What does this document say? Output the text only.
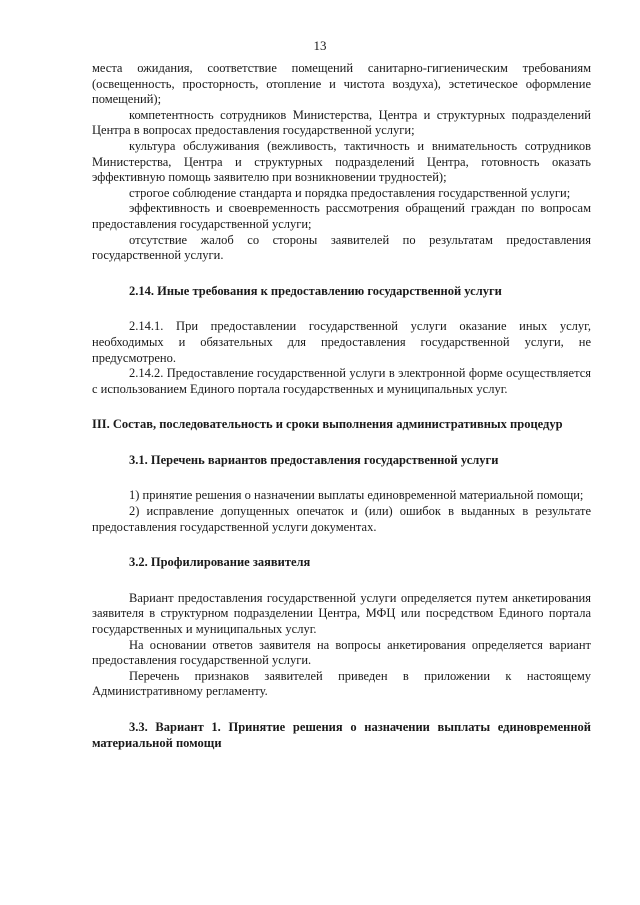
13

места ожидания, соответствие помещений санитарно-гигиеническим требованиям (освещенность, просторность, отопление и чистота воздуха), эстетическое оформление помещений);

компетентность сотрудников Министерства, Центра и структурных подразделений Центра в вопросах предоставления государственной услуги;

культура обслуживания (вежливость, тактичность и внимательность сотрудников Министерства, Центра и структурных подразделений Центра, готовность оказать эффективную помощь заявителю при возникновении трудностей);

строгое соблюдение стандарта и порядка предоставления государственной услуги;

эффективность и своевременность рассмотрения обращений граждан по вопросам предоставления государственной услуги;

отсутствие жалоб со стороны заявителей по результатам предоставления государственной услуги.

2.14. Иные требования к предоставлению государственной услуги

2.14.1. При предоставлении государственной услуги оказание иных услуг, необходимых и обязательных для предоставления государственной услуги, не предусмотрено.

2.14.2. Предоставление государственной услуги в электронной форме осуществляется с использованием Единого портала государственных и муниципальных услуг.

III. Состав, последовательность и сроки выполнения административных процедур

3.1. Перечень вариантов предоставления государственной услуги

1) принятие решения о назначении выплаты единовременной материальной помощи;

2) исправление допущенных опечаток и (или) ошибок в выданных в результате предоставления государственной услуги документах.

3.2. Профилирование заявителя

Вариант предоставления государственной услуги определяется путем анкетирования заявителя в структурном подразделении Центра, МФЦ или посредством Единого портала государственных и муниципальных услуг.

На основании ответов заявителя на вопросы анкетирования определяется вариант предоставления государственной услуги.

Перечень признаков заявителей приведен в приложении к настоящему Административному регламенту.

3.3. Вариант 1. Принятие решения о назначении выплаты единовременной материальной помощи
